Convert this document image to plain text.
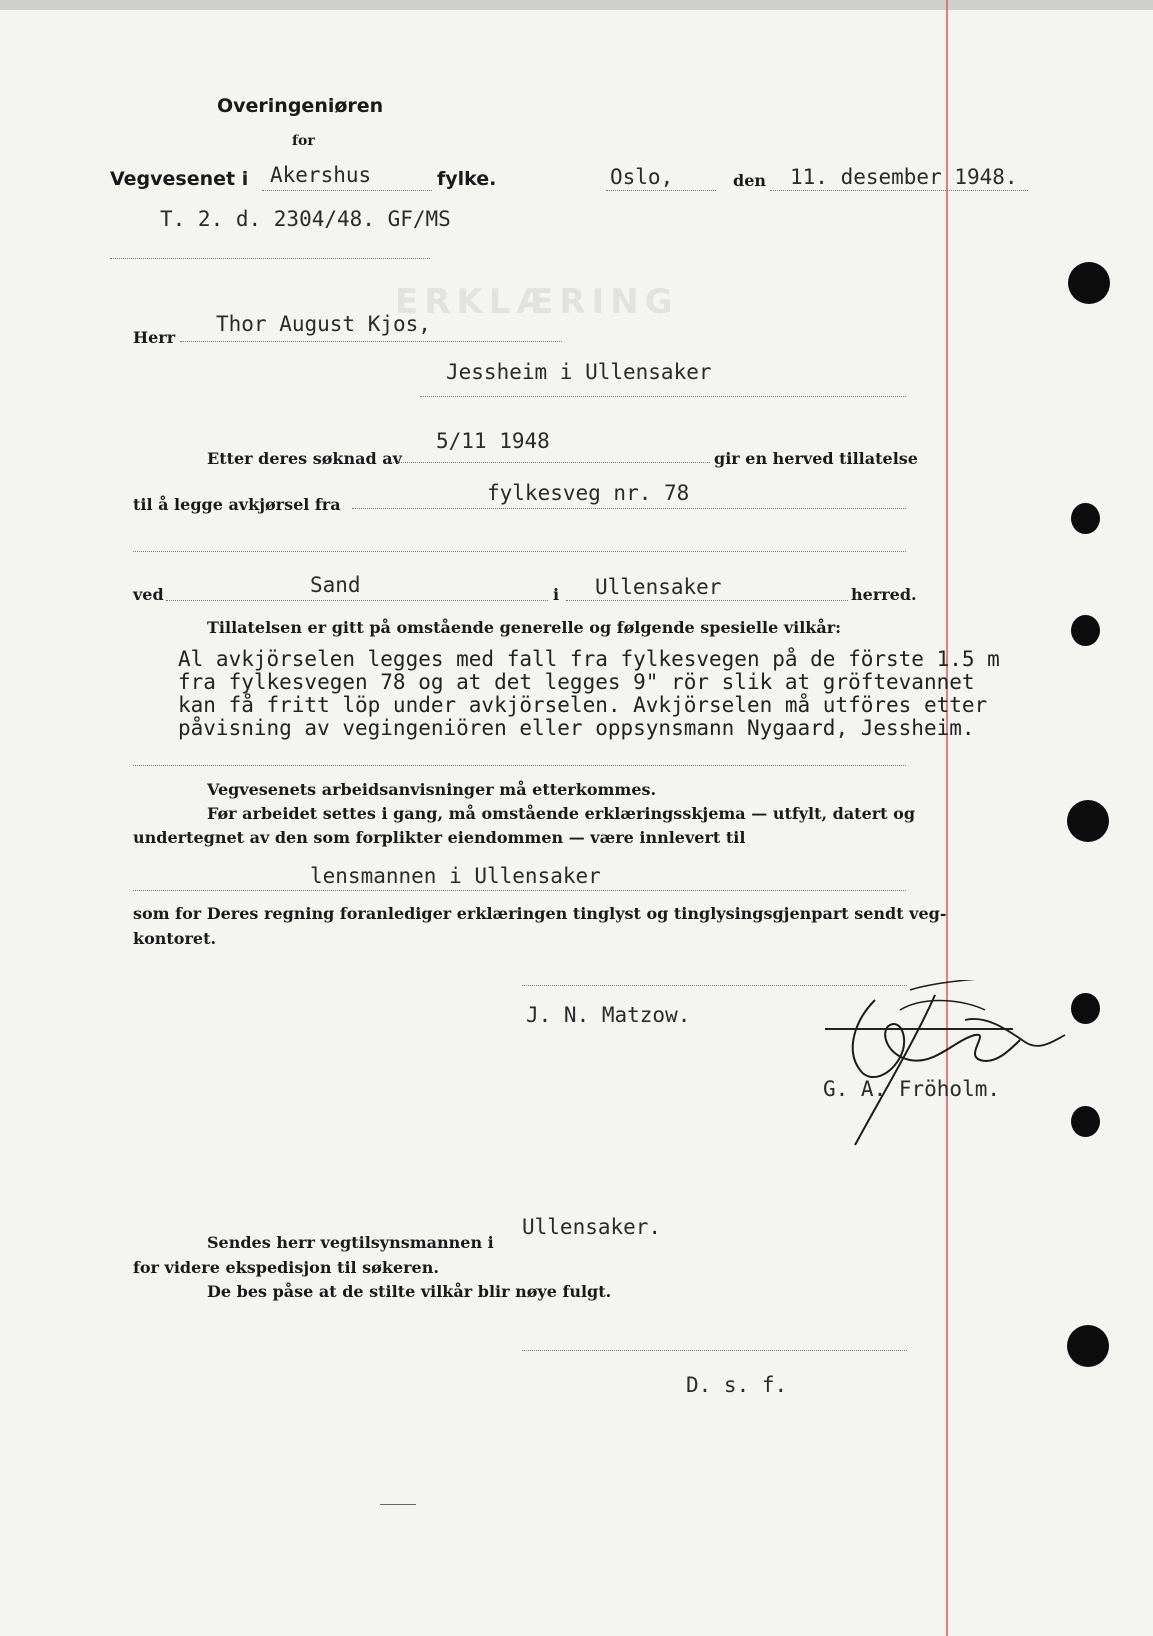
ERKLÆRING
Overingeniøren
for
Vegvesenet i Akershus	fylke.	Oslo,	den 11. desember 1948.
T. 2. d. 2304/48. GF/MS
Herr
Thor August Kjos,
Jessheim i Ullensaker
Etter deres søknad av
5/11 1948
gir en herved tillatelse
til å legge avkjørsel fra	fylkesveg nr. 78
ved	Sand	i Ullensaker	herred.
Tillatelsen er gitt på omstående generelle og følgende spesielle vilkår:
Al avkjörselen legges med fall fra fylkesvegen på de förste 1.5 m
fra fylkesvegen 78 og at det legges 9" rör slik at gröftevannet
kan få fritt löp under avkjörselen. Avkjörselen må utföres etter
påvisning av vegingeniören eller oppsynsmann Nygaard, Jessheim.
Vegvesenets arbeidsanvisninger må etterkommes.
Før arbeidet settes i gang, må omstående erklæringsskjema — utfylt, datert og
undertegnet av den som forplikter eiendommen — være innlevert til
lensmannen i Ullensaker
som for Deres regning foranlediger erklæringen tinglyst og tinglysingsgjenpart sendt veg-
kontoret.
J. N. Matzow.
G. A. Fröholm.
Ullensaker.
Sendes herr vegtilsynsmannen i
for videre ekspedisjon til søkeren.
De bes påse at de stilte vilkår blir nøye fulgt.
D. s. f.
